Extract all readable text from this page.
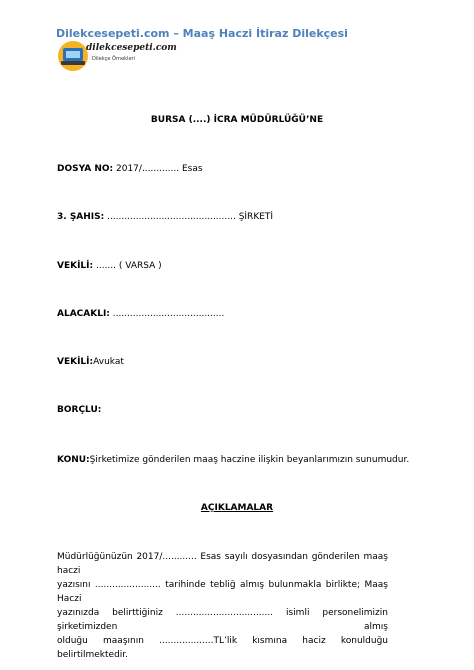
Dilekcesepeti.com – Maaş Haczi İtiraz Dilekçesi
dilekcesepeti.com
Dilekçe Örnekleri
BURSA (....) İCRA MÜDÜRLÜĞÜ’NE
DOSYA NO: 2017/............. Esas
3. ŞAHIS: ............................................. ŞİRKETİ
VEKİLİ: ....... ( VARSA )
ALACAKLI: .......................................
VEKİLİ:Avukat
BORÇLU:
KONU:Şirketimize gönderilen maaş haczine ilişkin beyanlarımızın sunumudur.
AÇIKLAMALAR
Müdürlüğünüzün 2017/............ Esas sayılı dosyasından gönderilen maaş haczi
yazısını ....................... tarihinde tebliğ almış bulunmakla birlikte; Maaş Haczi
yazınızda belirttiğiniz .................................. isimli personelimizin şirketimizden almış
olduğu maaşının ...................TL’lik kısmına haciz konulduğu belirtilmektedir.
